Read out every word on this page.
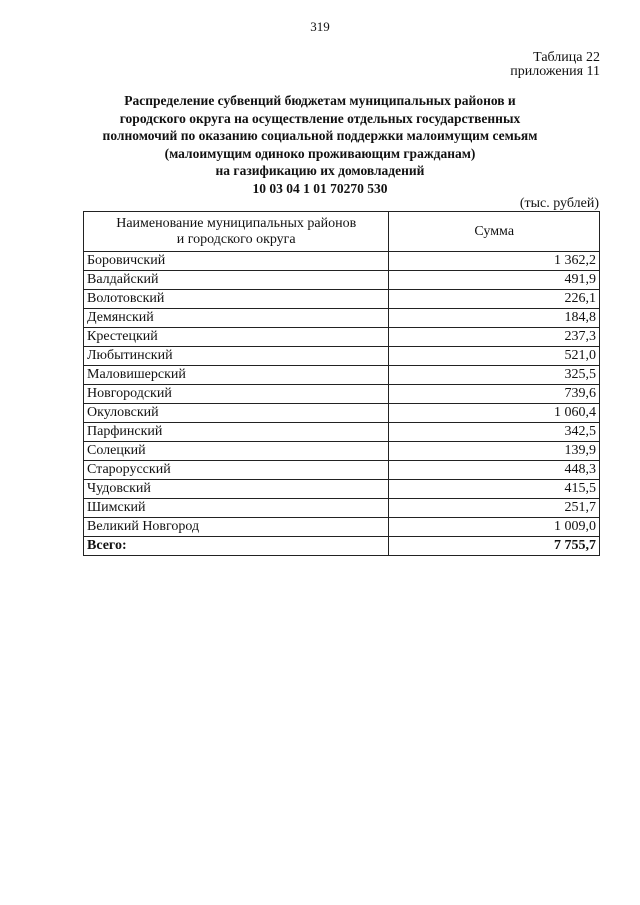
319
Таблица 22
приложения 11
Распределение субвенций бюджетам муниципальных районов и
городского округа на осуществление отдельных государственных
полномочий по оказанию социальной поддержки малоимущим семьям
(малоимущим одиноко проживающим гражданам)
на газификацию их домовладений
10 03 04 1 01 70270 530
(тыс. рублей)
Наименование муниципальных районов
и городского округа	Сумма
Боровичский	1 362,2
Валдайский	491,9
Волотовский	226,1
Демянский	184,8
Крестецкий	237,3
Любытинский	521,0
Маловишерский	325,5
Новгородский	739,6
Окуловский	1 060,4
Парфинский	342,5
Солецкий	139,9
Старорусский	448,3
Чудовский	415,5
Шимский	251,7
Великий Новгород	1 009,0
Всего:	7 755,7
